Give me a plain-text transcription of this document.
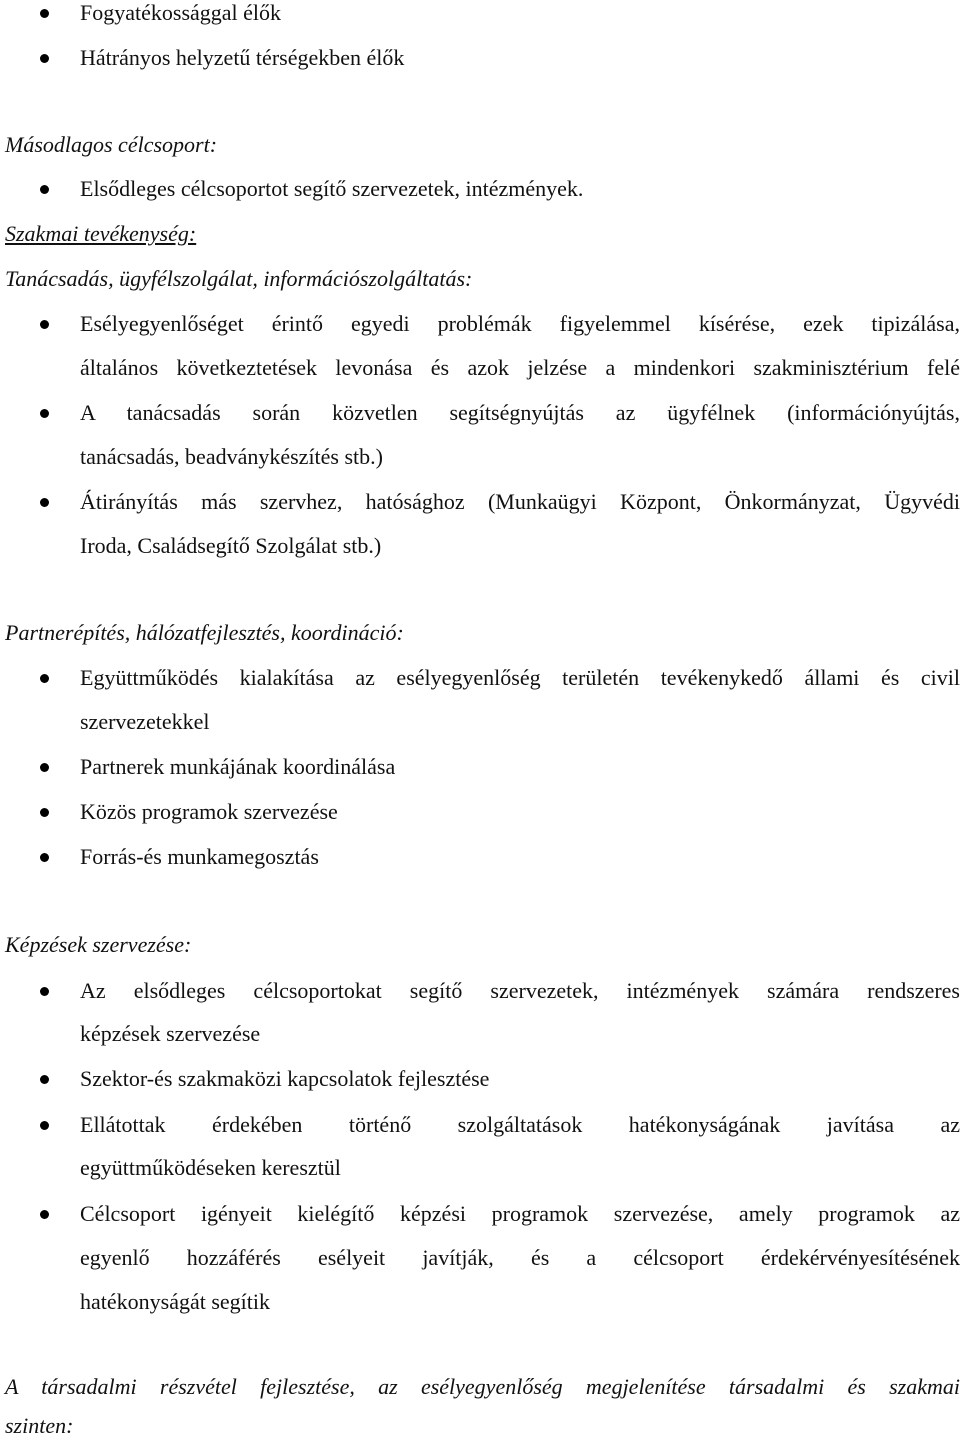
Fogyatékossággal élők
Hátrányos helyzetű térségekben élők
Másodlagos célcsoport:
Elsődleges célcsoportot segítő szervezetek, intézmények.
Szakmai tevékenység:
Tanácsadás, ügyfélszolgálat, információszolgáltatás:
Esélyegyenlőséget érintő egyedi problémák figyelemmel kísérése, ezek tipizálása,
általános következtetések levonása és azok jelzése a mindenkori szakminisztérium felé
A tanácsadás során közvetlen segítségnyújtás az ügyfélnek (információnyújtás,
tanácsadás, beadványkészítés stb.)
Átirányítás más szervhez, hatósághoz (Munkaügyi Központ, Önkormányzat, Ügyvédi
Iroda, Családsegítő Szolgálat stb.)
Partnerépítés, hálózatfejlesztés, koordináció:
Együttműködés kialakítása az esélyegyenlőség területén tevékenykedő állami és civil
szervezetekkel
Partnerek munkájának koordinálása
Közös programok szervezése
Forrás-és munkamegosztás
Képzések szervezése:
Az elsődleges célcsoportokat segítő szervezetek, intézmények számára rendszeres
képzések szervezése
Szektor-és szakmaközi kapcsolatok fejlesztése
Ellátottak érdekében történő szolgáltatások hatékonyságának javítása az
együttműködéseken keresztül
Célcsoport igényeit kielégítő képzési programok szervezése, amely programok az
egyenlő hozzáférés esélyeit javítják, és a célcsoport érdekérvényesítésének
hatékonyságát segítik
A társadalmi részvétel fejlesztése, az esélyegyenlőség megjelenítése társadalmi és szakmai
szinten:
